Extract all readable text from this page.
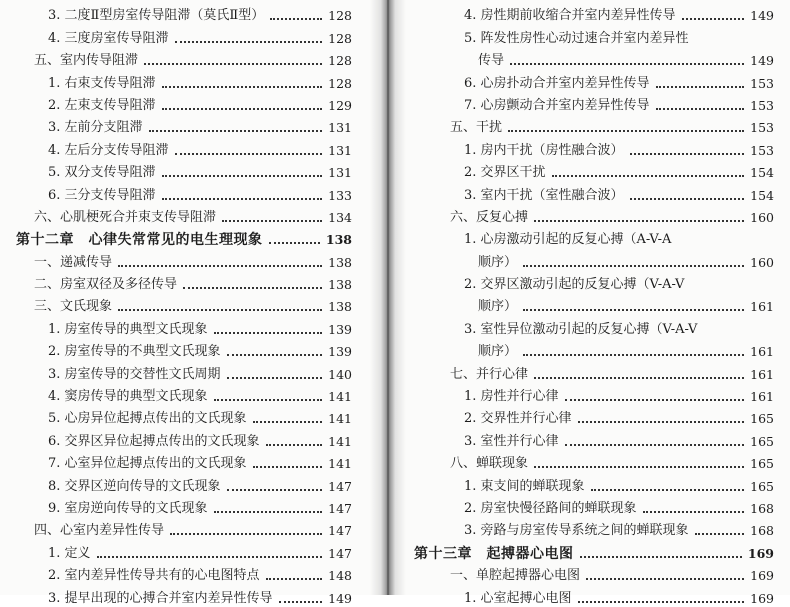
3. 二度Ⅱ型房室传导阻滞（莫氏Ⅱ型）	128
4. 三度房室传导阻滞	128
五、室内传导阻滞	128
1. 右束支传导阻滞	128
2. 左束支传导阻滞	129
3. 左前分支阻滞	131
4. 左后分支传导阻滞	131
5. 双分支传导阻滞	131
6. 三分支传导阻滞	133
六、心肌梗死合并束支传导阻滞	134
第十二章　心律失常常见的电生理现象	138
一、递减传导	138
二、房室双径及多径传导	138
三、文氏现象	138
1. 房室传导的典型文氏现象	139
2. 房室传导的不典型文氏现象	139
3. 房室传导的交替性文氏周期	140
4. 窦房传导的典型文氏现象	141
5. 心房异位起搏点传出的文氏现象	141
6. 交界区异位起搏点传出的文氏现象	141
7. 心室异位起搏点传出的文氏现象	141
8. 交界区逆向传导的文氏现象	147
9. 室房逆向传导的文氏现象	147
四、心室内差异性传导	147
1. 定义	147
2. 室内差异性传导共有的心电图特点	148
3. 提早出现的心搏合并室内差异性传导	149
4. 房性期前收缩合并室内差异性传导	149
5. 阵发性房性心动过速合并室内差异性
传导	149
6. 心房扑动合并室内差异性传导	153
7. 心房颤动合并室内差异性传导	153
五、干扰	153
1. 房内干扰（房性融合波）	153
2. 交界区干扰	154
3. 室内干扰（室性融合波）	154
六、反复心搏	160
1. 心房激动引起的反复心搏（A-V-A
顺序）	160
2. 交界区激动引起的反复心搏（V-A-V
顺序）	161
3. 室性异位激动引起的反复心搏（V-A-V
顺序）	161
七、并行心律	161
1. 房性并行心律	161
2. 交界性并行心律	165
3. 室性并行心律	165
八、蝉联现象	165
1. 束支间的蝉联现象	165
2. 房室快慢径路间的蝉联现象	168
3. 旁路与房室传导系统之间的蝉联现象	168
第十三章　起搏器心电图	169
一、单腔起搏器心电图	169
1. 心室起搏心电图	169
